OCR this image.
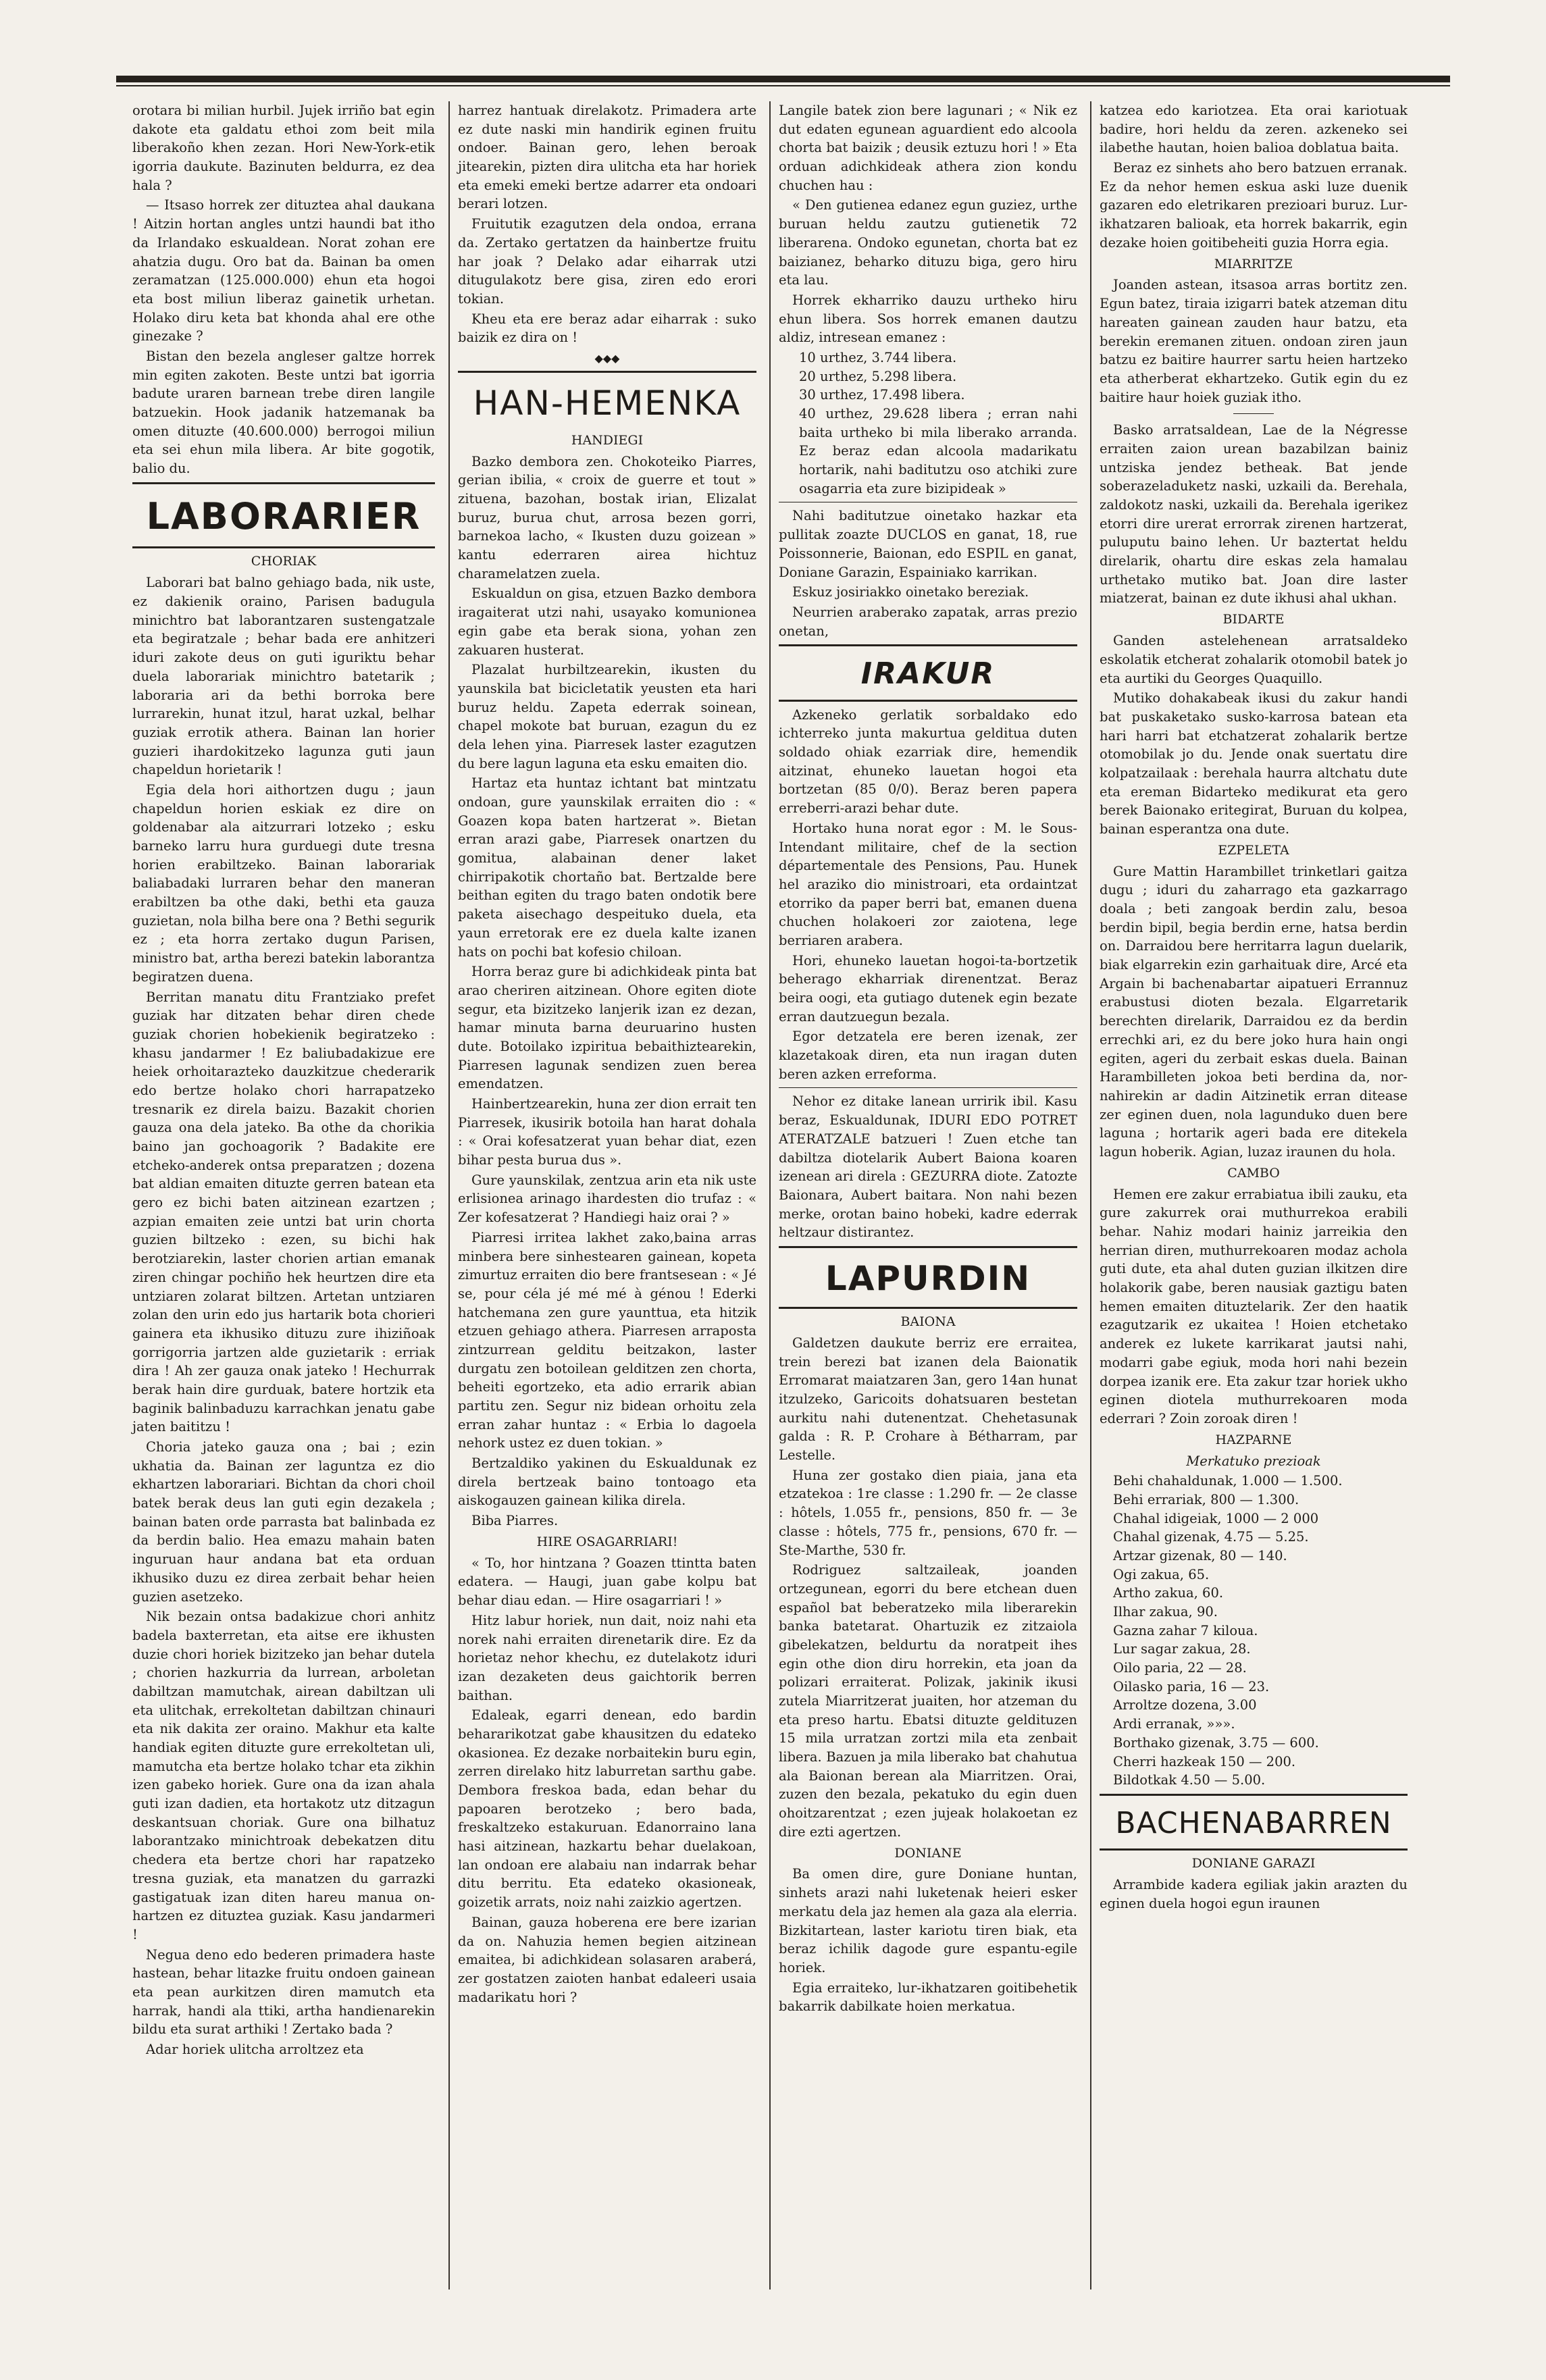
orotara bi milian hurbil. Jujek irriño bat egin dakote eta galdatu ethoi zom beit mila liberakoño khen zezan. Hori New-York-etik igorria daukute. Bazinuten beldurra, ez dea hala ?

— Itsaso horrek zer dituztea ahal daukana ! Aitzin hortan angles untzi haundi bat itho da Irlandako eskualdean. Norat zohan ere ahatzia dugu. Oro bat da. Bainan ba omen zeramatzan (125.000.000) ehun eta hogoi eta bost miliun liberaz gainetik urhetan. Holako diru keta bat khonda ahal ere othe ginezake ?

Bistan den bezela angleser galtze horrek min egiten zakoten. Beste untzi bat igorria badute uraren barnean trebe diren langile batzuekin. Hook jadanik hatzemanak ba omen dituzte (40.600.000) berrogoi miliun eta sei ehun mila libera. Ar bite gogotik, balio du.

LABORARIER
CHORIAK

Laborari bat balno gehiago bada, nik uste, ez dakienik oraino, Parisen badugula minichtro bat laborantzaren sustengatzale eta begiratzale ; behar bada ere anhitzeri iduri zakote deus on guti iguriktu behar duela laborariak minichtro batetarik ; laboraria ari da bethi borroka bere lurrarekin, hunat itzul, harat uzkal, belhar guziak errotik athera. Bainan lan horier guzieri ihardokitzeko lagunza guti jaun chapeldun horietarik !

Egia dela hori aithortzen dugu ; jaun chapeldun horien eskiak ez dire on goldenabar ala aitzurrari lotzeko ; esku barneko larru hura gurduegi dute tresna horien erabiltzeko. Bainan laborariak baliabadaki lurraren behar den maneran erabiltzen ba othe daki, bethi eta gauza guzietan, nola bilha bere ona ? Bethi segurik ez ; eta horra zertako dugun Parisen, ministro bat, artha berezi batekin laborantza begiratzen duena.

Berritan manatu ditu Frantziako prefet guziak har ditzaten behar diren chede guziak chorien hobekienik begiratzeko : khasu jandarmer ! Ez baliubadakizue ere heiek orhoitarazteko dauzkitzue chederarik edo bertze holako chori harrapatzeko tresnarik ez direla baizu. Bazakit chorien gauza ona dela jateko. Ba othe da chorikia baino jan gochoagorik ? Badakite ere etcheko-anderek ontsa preparatzen ; dozena bat aldian emaiten dituzte gerren batean eta gero ez bichi baten aitzinean ezartzen ; azpian emaiten zeie untzi bat urin chorta guzien biltzeko : ezen, su bichi hak berotziarekin, laster chorien artian emanak ziren chingar pochiño hek heurtzen dire eta untziaren zolarat biltzen. Artetan untziaren zolan den urin edo jus hartarik bota chorieri gainera eta ikhusiko dituzu zure ihiziñoak gorrigorria jartzen alde guzietarik : erriak dira ! Ah zer gauza onak jateko ! Hechurrak berak hain dire gurduak, batere hortzik eta baginik balinbaduzu karrachkan jenatu gabe jaten baititzu !

Choria jateko gauza ona ; bai ; ezin ukhatia da. Bainan zer laguntza ez dio ekhartzen laborariari. Bichtan da chori choil batek berak deus lan guti egin dezakela ; bainan baten orde parrasta bat balinbada ez da berdin balio. Hea emazu mahain baten inguruan haur andana bat eta orduan ikhusiko duzu ez direa zerbait behar heien guzien asetzeko.

Nik bezain ontsa badakizue chori anhitz badela baxterretan, eta aitse ere ikhusten duzie chori horiek bizitzeko jan behar dutela ; chorien hazkurria da lurrean, arboletan dabiltzan mamutchak, airean dabiltzan uli eta ulitchak, errekoltetan dabiltzan chinauri eta nik dakita zer oraino. Makhur eta kalte handiak egiten dituzte gure errekoltetan uli, mamutcha eta bertze holako tchar eta zikhin izen gabeko horiek. Gure ona da izan ahala guti izan dadien, eta hortakotz utz ditzagun deskantsuan choriak. Gure ona bilhatuz laborantzako minichtroak debekatzen ditu chedera eta bertze chori har rapatzeko tresna guziak, eta manatzen du garrazki gastigatuak izan diten hareu manua on-hartzen ez dituztea guziak. Kasu jandarmeri !

Negua deno edo bederen primadera haste hastean, behar litazke fruitu ondoen gainean eta pean aurkitzen diren mamutch eta harrak, handi ala ttiki, artha handienarekin bildu eta surat arthiki ! Zertako bada ?

Adar horiek ulitcha arroltzez eta

harrez hantuak direlakotz. Primadera arte ez dute naski min handirik eginen fruitu ondoer. Bainan gero, lehen beroak jitearekin, pizten dira ulitcha eta har horiek eta emeki emeki bertze adarrer eta ondoari berari lotzen.

Fruitutik ezagutzen dela ondoa, errana da. Zertako gertatzen da hainbertze fruitu har joak ? Delako adar eiharrak utzi ditugulakotz bere gisa, ziren edo erori tokian.

Kheu eta ere beraz adar eiharrak : suko baizik ez dira on !

◆◆◆
HAN-HEMENKA
HANDIEGI

Bazko dembora zen. Chokoteiko Piarres, gerian ibilia, « croix de guerre et tout » zituena, bazohan, bostak irian, Elizalat buruz, burua chut, arrosa bezen gorri, barnekoa lacho, « Ikusten duzu goizean » kantu ederraren airea hichtuz charamelatzen zuela.

Eskualdun on gisa, etzuen Bazko dembora iragaiterat utzi nahi, usayako komunionea egin gabe eta berak siona, yohan zen zakuaren husterat.

Plazalat hurbiltzearekin, ikusten du yaunskila bat bicicletatik yeusten eta hari buruz heldu. Zapeta ederrak soinean, chapel mokote bat buruan, ezagun du ez dela lehen yina. Piarresek laster ezagutzen du bere lagun laguna eta esku emaiten dio.

Hartaz eta huntaz ichtant bat mintzatu ondoan, gure yaunskilak erraiten dio : « Goazen kopa baten hartzerat ». Bietan erran arazi gabe, Piarresek onartzen du gomitua, alabainan dener laket chirripakotik chortaño bat. Bertzalde bere beithan egiten du trago baten ondotik bere paketa aisechago despeituko duela, eta yaun erretorak ere ez duela kalte izanen hats on pochi bat kofesio chiloan.

Horra beraz gure bi adichkideak pinta bat arao cheriren aitzinean. Ohore egiten diote segur, eta bizitzeko lanjerik izan ez dezan, hamar minuta barna deuruarino husten dute. Botoilako izpiritua bebaithiztearekin, Piarresen lagunak sendizen zuen berea emendatzen.

Hainbertzearekin, huna zer dion errait ten Piarresek, ikusirik botoila han harat dohala : « Orai kofesatzerat yuan behar diat, ezen bihar pesta burua dus ».

Gure yaunskilak, zentzua arin eta nik uste erlisionea arinago ihardesten dio trufaz : « Zer kofesatzerat ? Handiegi haiz orai ? »

Piarresi irritea lakhet zako,baina arras minbera bere sinhestearen gainean, kopeta zimurtuz erraiten dio bere frantsesean : « Jé se, pour céla jé mé mé à génou ! Ederki hatchemana zen gure yaunttua, eta hitzik etzuen gehiago athera. Piarresen arraposta zintzurrean gelditu beitzakon, laster durgatu zen botoilean gelditzen zen chorta, beheiti egortzeko, eta adio errarik abian partitu zen. Segur niz bidean orhoitu zela erran zahar huntaz : « Erbia lo dagoela nehork ustez ez duen tokian. »

Bertzaldiko yakinen du Eskualdunak ez direla bertzeak baino tontoago eta aiskogauzen gainean kilika direla.

Biba Piarres.

HIRE OSAGARRIARI!

« To, hor hintzana ? Goazen ttintta baten edatera. — Haugi, juan gabe kolpu bat behar diau edan. — Hire osagarriari ! »

Hitz labur horiek, nun dait, noiz nahi eta norek nahi erraiten direnetarik dire. Ez da horietaz nehor khechu, ez dutelakotz iduri izan dezaketen deus gaichtorik berren baithan.

Edaleak, egarri denean, edo bardin behararikotzat gabe khausitzen du edateko okasionea. Ez dezake norbaitekin buru egin, zerren direlako hitz laburretan sarthu gabe. Dembora freskoa bada, edan behar du papoaren berotzeko ; bero bada, freskaltzeko estakuruan. Edanorraino lana hasi aitzinean, hazkartu behar duelakoan, lan ondoan ere alabaiu nan indarrak behar ditu berritu. Eta edateko okasioneak, goizetik arrats, noiz nahi zaizkio agertzen.

Bainan, gauza hoberena ere bere izarian da on. Nahuzia hemen begien aitzinean emaitea, bi adichkidean solasaren araberá, zer gostatzen zaioten hanbat edaleeri usaia madarikatu hori ?

Langile batek zion bere lagunari ; « Nik ez dut edaten egunean aguardient edo alcoola chorta bat baizik ; deusik eztuzu hori ! » Eta orduan adichkideak athera zion kondu chuchen hau :

« Den gutienea edanez egun guziez, urthe buruan heldu zautzu gutienetik 72 liberarena. Ondoko egunetan, chorta bat ez baizianez, beharko dituzu biga, gero hiru eta lau.

Horrek ekharriko dauzu urtheko hiru ehun libera. Sos horrek emanen dautzu aldiz, intresean emanez :

10 urthez, 3.744 libera.

20 urthez, 5.298 libera.

30 urthez, 17.498 libera.

40 urthez, 29.628 libera ; erran nahi baita urtheko bi mila liberako arranda. Ez beraz edan alcoola madarikatu hortarik, nahi baditutzu oso atchiki zure osagarria eta zure bizipideak »

Nahi baditutzue oinetako hazkar eta pullitak zoazte DUCLOS en ganat, 18, rue Poissonnerie, Baionan, edo ESPIL en ganat, Doniane Garazin, Espainiako karrikan.

Eskuz josiriakko oinetako bereziak.

Neurrien araberako zapatak, arras prezio onetan,

IRAKUR

Azkeneko gerlatik sorbaldako edo ichterreko junta makurtua gelditua duten soldado ohiak ezarriak dire, hemendik aitzinat, ehuneko lauetan hogoi eta bortzetan (85 0/0). Beraz beren papera erreberri-arazi behar dute.

Hortako huna norat egor : M. le Sous-Intendant militaire, chef de la section départementale des Pensions, Pau. Hunek hel araziko dio ministroari, eta ordaintzat etorriko da paper berri bat, emanen duena chuchen holakoeri zor zaiotena, lege berriaren arabera.

Hori, ehuneko lauetan hogoi-ta-bortzetik beherago ekharriak direnentzat. Beraz beira oogi, eta gutiago dutenek egin bezate erran dautzuegun bezala.

Egor detzatela ere beren izenak, zer klazetakoak diren, eta nun iragan duten beren azken erreforma.

Nehor ez ditake lanean urririk ibil. Kasu beraz, Eskualdunak, IDURI EDO POTRET ATERATZALE batzueri ! Zuen etche tan dabiltza diotelarik Aubert Baiona koaren izenean ari direla : GEZURRA diote. Zatozte Baionara, Aubert baitara. Non nahi bezen merke, orotan baino hobeki, kadre ederrak heltzaur distirantez.

LAPURDIN
BAIONA

Galdetzen daukute berriz ere erraitea, trein berezi bat izanen dela Baionatik Erromarat maiatzaren 3an, gero 14an hunat itzulzeko, Garicoits dohatsuaren bestetan aurkitu nahi dutenentzat. Chehetasunak galda : R. P. Crohare à Bétharram, par Lestelle.

Huna zer gostako dien piaia, jana eta etzatekoa : 1re classe : 1.290 fr. — 2e classe : hôtels, 1.055 fr., pensions, 850 fr. — 3e classe : hôtels, 775 fr., pensions, 670 fr. — Ste-Marthe, 530 fr.

Rodriguez saltzaileak, joanden ortzegunean, egorri du bere etchean duen español bat beberatzeko mila liberarekin banka batetarat. Ohartuzik ez zitzaiola gibelekatzen, beldurtu da noratpeit ihes egin othe dion diru horrekin, eta joan da polizari erraiterat. Polizak, jakinik ikusi zutela Miarritzerat juaiten, hor atzeman du eta preso hartu. Ebatsi dituzte geldituzen 15 mila urratzan zortzi mila eta zenbait libera. Bazuen ja mila liberako bat chahutua ala Baionan berean ala Miarritzen. Orai, zuzen den bezala, pekatuko du egin duen ohoitzarentzat ; ezen jujeak holakoetan ez dire ezti agertzen.

DONIANE

Ba omen dire, gure Doniane huntan, sinhets arazi nahi luketenak heieri esker merkatu dela jaz hemen ala gaza ala elerria. Bizkitartean, laster kariotu tiren biak, eta beraz ichilik dagode gure espantu-egile horiek.

Egia erraiteko, lur-ikhatzaren goitibehetik bakarrik dabilkate hoien merkatua.

katzea edo kariotzea. Eta orai kariotuak badire, hori heldu da zeren. azkeneko sei ilabethe hautan, hoien balioa doblatua baita.

Beraz ez sinhets aho bero batzuen erranak. Ez da nehor hemen eskua aski luze duenik gazaren edo eletrikaren prezioari buruz. Lur-ikhatzaren balioak, eta horrek bakarrik, egin dezake hoien goitibeheiti guzia Horra egia.

MIARRITZE

Joanden astean, itsasoa arras bortitz zen. Egun batez, tiraia izigarri batek atzeman ditu hareaten gainean zauden haur batzu, eta berekin eremanen zituen. ondoan ziren jaun batzu ez baitire haurrer sartu heien hartzeko eta atherberat ekhartzeko. Gutik egin du ez baitire haur hoiek guziak itho.

Basko arratsaldean, Lae de la Négresse erraiten zaion urean bazabilzan bainiz untziska jendez betheak. Bat jende soberazeladuketz naski, uzkaili da. Berehala, zaldokotz naski, uzkaili da. Berehala igerikez etorri dire urerat errorrak zirenen hartzerat, puluputu baino lehen. Ur baztertat heldu direlarik, ohartu dire eskas zela hamalau urthetako mutiko bat. Joan dire laster miatzerat, bainan ez dute ikhusi ahal ukhan.

BIDARTE

Ganden astelehenean arratsaldeko eskolatik etcherat zohalarik otomobil batek jo eta aurtiki du Georges Quaquillo.

Mutiko dohakabeak ikusi du zakur handi bat puskaketako susko-karrosa batean eta hari harri bat etchatzerat zohalarik bertze otomobilak jo du. Jende onak suertatu dire kolpatzailaak : berehala haurra altchatu dute eta ereman Bidarteko medikurat eta gero berek Baionako eritegirat, Buruan du kolpea, bainan esperantza ona dute.

EZPELETA

Gure Mattin Harambillet trinketlari gaitza dugu ; iduri du zaharrago eta gazkarrago doala ; beti zangoak berdin zalu, besoa berdin bipil, begia berdin erne, hatsa berdin on. Darraidou bere herritarra lagun duelarik, biak elgarrekin ezin garhaituak dire, Arcé eta Argain bi bachenabartar aipatueri Errannuz erabustusi dioten bezala. Elgarretarik berechten direlarik, Darraidou ez da berdin errechki ari, ez du bere joko hura hain ongi egiten, ageri du zerbait eskas duela. Bainan Harambilleten jokoa beti berdina da, nor-nahirekin ar dadin Aitzinetik erran ditease zer eginen duen, nola lagunduko duen bere laguna ; hortarik ageri bada ere ditekela lagun hoberik. Agian, luzaz iraunen du hola.

CAMBO

Hemen ere zakur errabiatua ibili zauku, eta gure zakurrek orai muthurrekoa erabili behar. Nahiz modari hainiz jarreikia den herrian diren, muthurrekoaren modaz achola guti dute, eta ahal duten guzian ilkitzen dire holakorik gabe, beren nausiak gaztigu baten hemen emaiten dituztelarik. Zer den haatik ezagutzarik ez ukaitea ! Hoien etchetako anderek ez lukete karrikarat jautsi nahi, modarri gabe egiuk, moda hori nahi bezein dorpea izanik ere. Eta zakur tzar horiek ukho eginen diotela muthurrekoaren moda ederrari ? Zoin zoroak diren !

HAZPARNE
Merkatuko prezioak

Behi chahaldunak, 1.000 — 1.500.

Behi errariak, 800 — 1.300.

Chahal idigeiak, 1000 — 2 000

Chahal gizenak, 4.75 — 5.25.

Artzar gizenak, 80 — 140.

Ogi zakua, 65.

Artho zakua, 60.

Ilhar zakua, 90.

Gazna zahar 7 kiloua.

Lur sagar zakua, 28.

Oilo paria, 22 — 28.

Oilasko paria, 16 — 23.

Arroltze dozena, 3.00

Ardi erranak, »»».

Borthako gizenak, 3.75 — 600.

Cherri hazkeak 150 — 200.

Bildotkak 4.50 — 5.00.

BACHENABARREN
DONIANE GARAZI

Arrambide kadera egiliak jakin arazten du eginen duela hogoi egun iraunen
